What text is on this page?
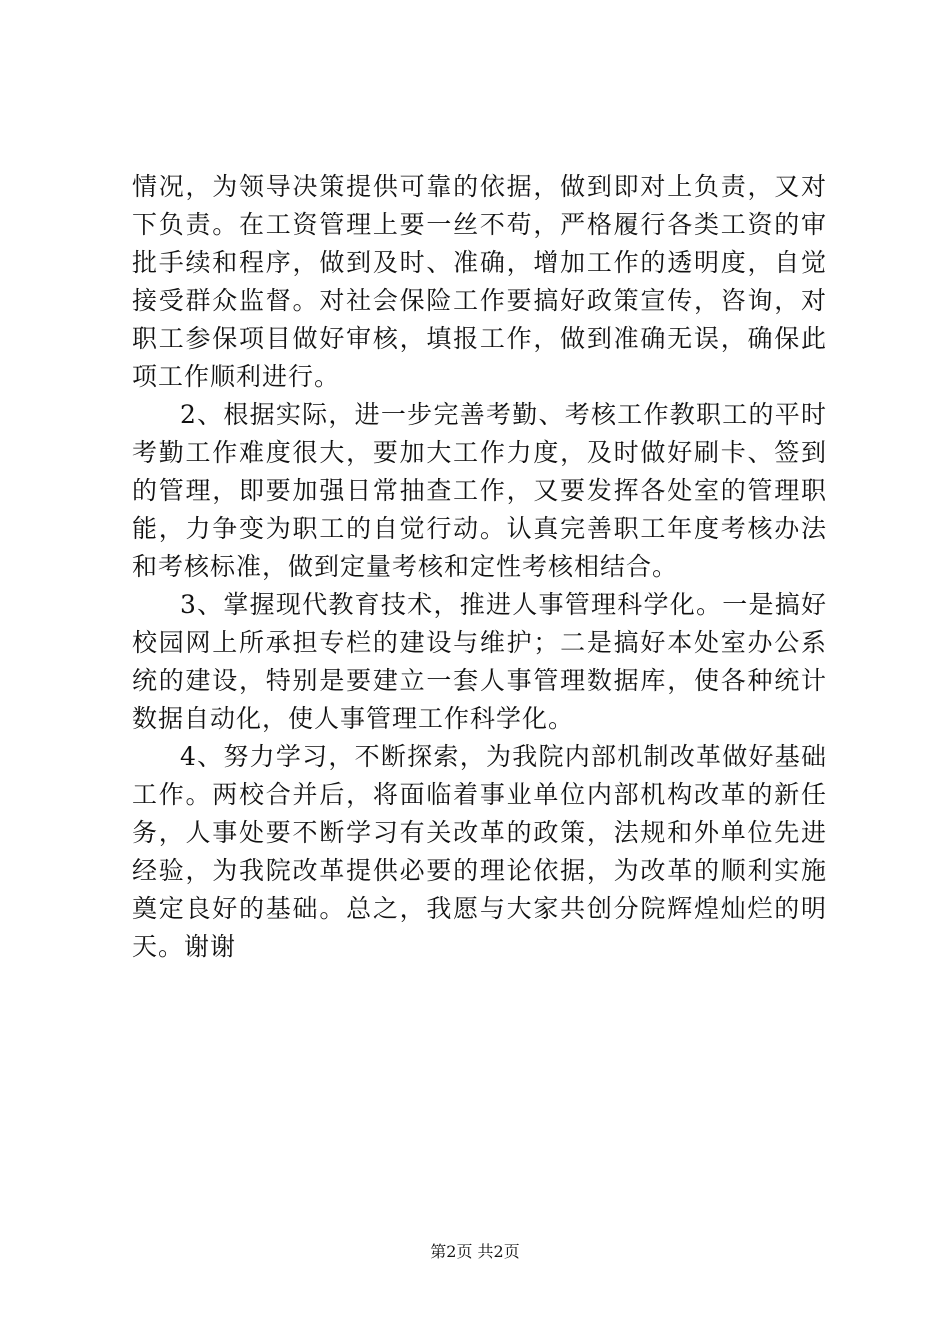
情况，为领导决策提供可靠的依据，做到即对上负责，又对下负责。在工资管理上要一丝不苟，严格履行各类工资的审批手续和程序，做到及时、准确，增加工作的透明度，自觉接受群众监督。对社会保险工作要搞好政策宣传，咨询，对职工参保项目做好审核，填报工作，做到准确无误，确保此项工作顺利进行。

2、根据实际，进一步完善考勤、考核工作教职工的平时考勤工作难度很大，要加大工作力度，及时做好刷卡、签到的管理，即要加强日常抽查工作，又要发挥各处室的管理职能，力争变为职工的自觉行动。认真完善职工年度考核办法和考核标准，做到定量考核和定性考核相结合。

3、掌握现代教育技术，推进人事管理科学化。一是搞好校园网上所承担专栏的建设与维护；二是搞好本处室办公系统的建设，特别是要建立一套人事管理数据库，使各种统计数据自动化，使人事管理工作科学化。

4、努力学习，不断探索，为我院内部机制改革做好基础工作。两校合并后，将面临着事业单位内部机构改革的新任务，人事处要不断学习有关改革的政策，法规和外单位先进经验，为我院改革提供必要的理论依据，为改革的顺利实施奠定良好的基础。总之，我愿与大家共创分院辉煌灿烂的明天。谢谢

第2页 共2页
